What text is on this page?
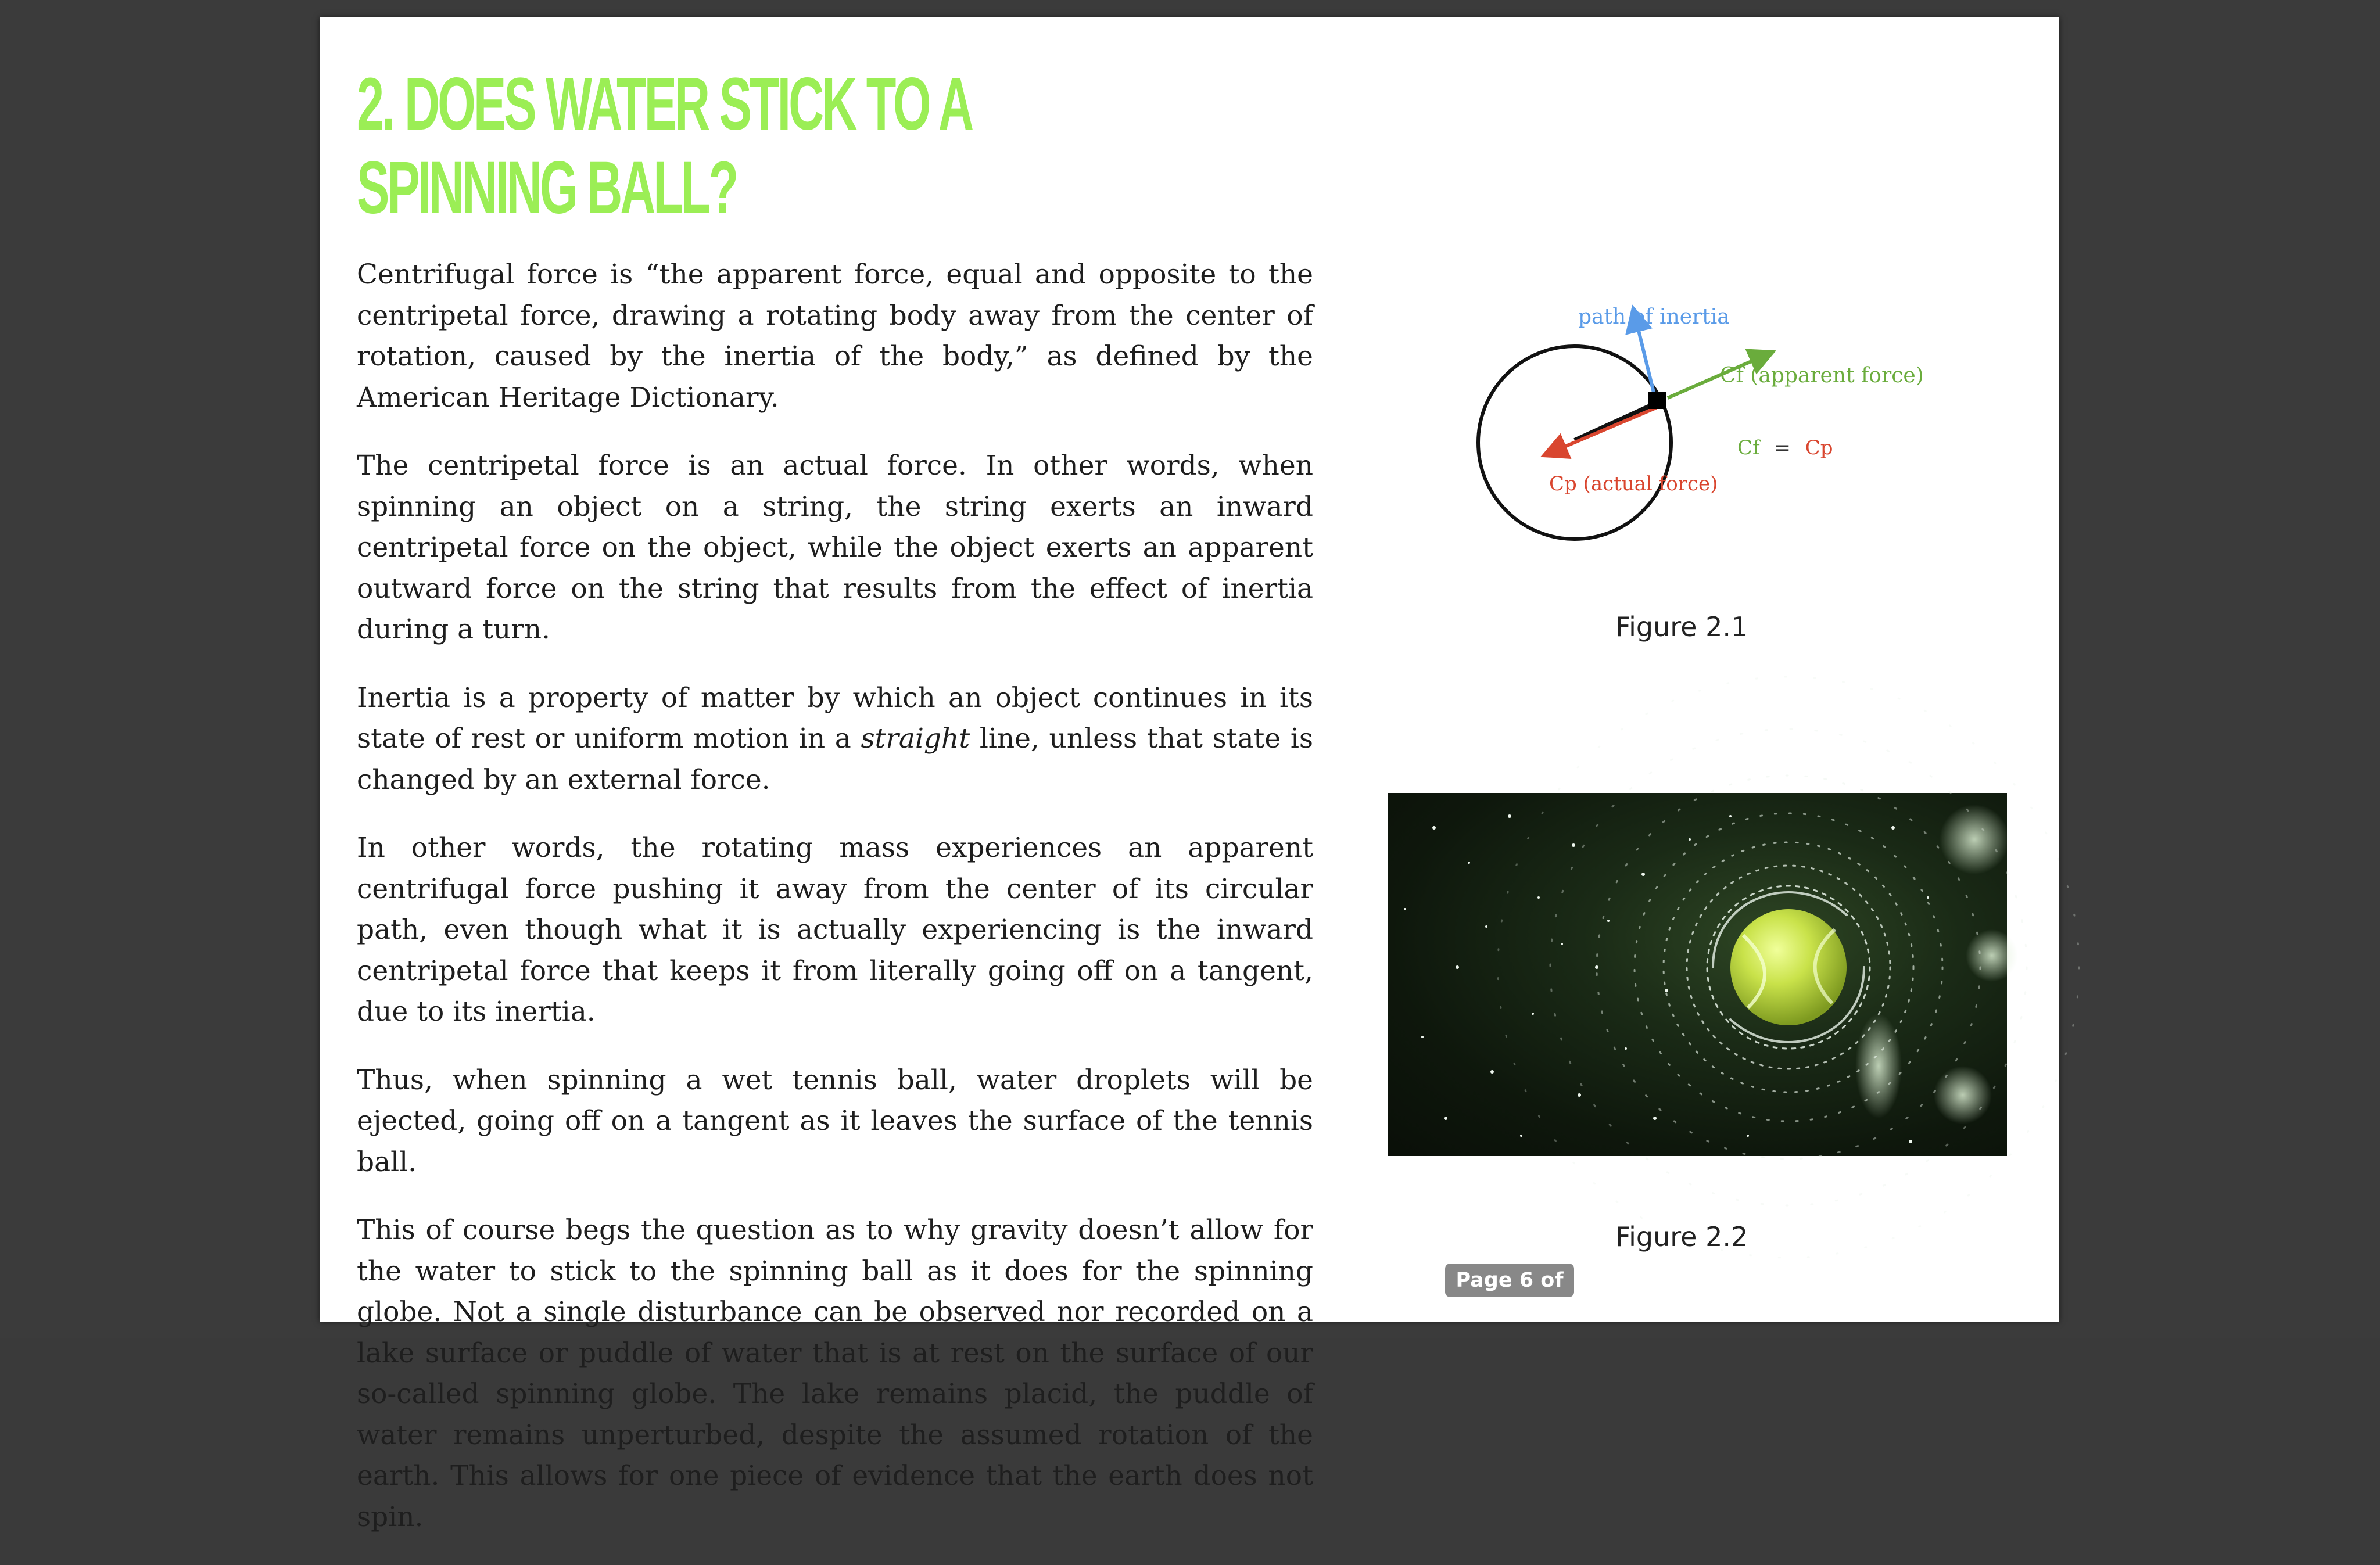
2. DOES WATER STICK TO A
SPINNING BALL?

Centrifugal force is “the apparent force, equal and opposite to the centripetal force, drawing a rotating body away from the center of rotation, caused by the inertia of the body,” as defined by the American Heritage Dictionary.

The centripetal force is an actual force. In other words, when spinning an object on a string, the string exerts an inward centripetal force on the object, while the object exerts an apparent outward force on the string that results from the effect of inertia during a turn.

Inertia is a property of matter by which an object continues in its state of rest or uniform motion in a straight line, unless that state is changed by an external force.

In other words, the rotating mass experiences an apparent centrifugal force pushing it away from the center of its circular path, even though what it is actually experiencing is the inward centripetal force that keeps it from literally going off on a tangent, due to its inertia.

Thus, when spinning a wet tennis ball, water droplets will be ejected, going off on a tangent as it leaves the surface of the tennis ball.

This of course begs the question as to why gravity doesn’t allow for the water to stick to the spinning ball as it does for the spinning globe. Not a single disturbance can be observed nor recorded on a lake surface or puddle of water that is at rest on the surface of our so-called spinning globe. The lake remains placid, the puddle of water remains unperturbed, despite the assumed rotation of the earth. This allows for one piece of evidence that the earth does not spin.

path of inertia
Cf (apparent force)
Cp (actual force)
Cf = Cp
Figure 2.1
Figure 2.2
Page 6 of 16
